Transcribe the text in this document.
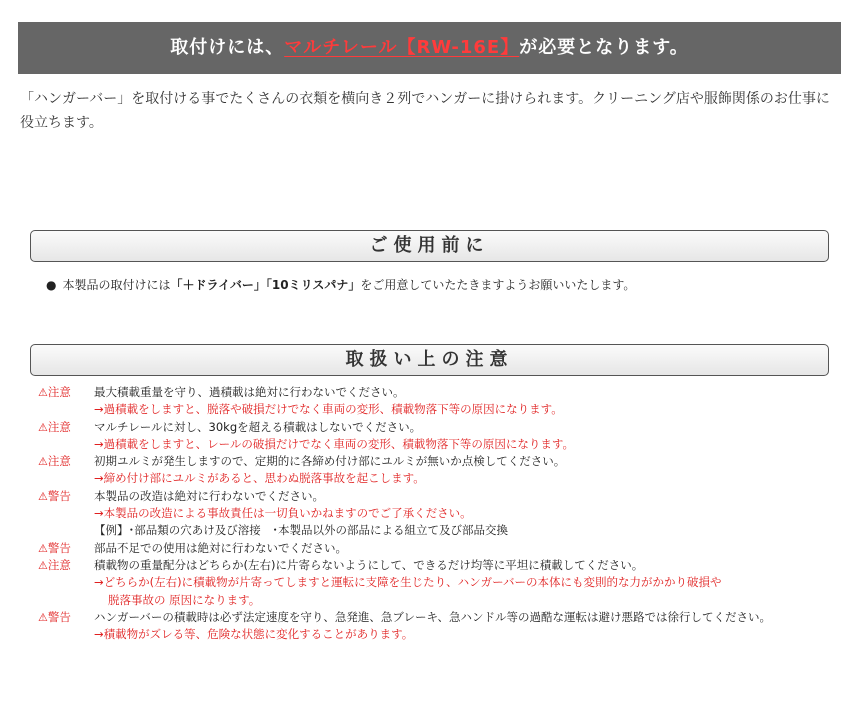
取付けには、マルチレール【RW-16E】が必要となります。
「ハンガーバー」を取付ける事でたくさんの衣類を横向き２列でハンガーに掛けられます。クリーニング店や服飾関係のお仕事に役立ちます。
ご使用前に
● 本製品の取付けには「＋ドライバー」「10ミリスパナ」をご用意していたたきますようお願いいたします。
取扱い上の注意
⚠注意	最大積載重量を守り、過積載は絶対に行わないでください。
→過積載をしますと、脱落や破損だけでなく車両の変形、積載物落下等の原因になります。
⚠注意	マルチレールに対し、30kgを超える積載はしないでください。
→過積載をしますと、レールの破損だけでなく車両の変形、積載物落下等の原因になります。
⚠注意	初期ユルミが発生しますので、定期的に各締め付け部にユルミが無いか点検してください。
→締め付け部にユルミがあると、思わぬ脱落事故を起こします。
⚠警告	本製品の改造は絶対に行わないでください。
→本製品の改造による事故責任は一切負いかねますのでご了承ください。
【例】･部品類の穴あけ及び溶接　･本製品以外の部品による組立て及び部品交換
⚠警告	部品不足での使用は絶対に行わないでください。
⚠注意	積載物の重量配分はどちらか(左右)に片寄らないようにして、できるだけ均等に平坦に積載してください。
→どちらか(左右)に積載物が片寄ってしますと運転に支障を生じたり、ハンガーバーの本体にも変則的な力がかかり破損や
脱落事故の 原因になります。
⚠警告	ハンガーバーの積載時は必ず法定速度を守り、急発進、急ブレーキ、急ハンドル等の過酷な運転は避け悪路では徐行してください。
→積載物がズレる等、危険な状態に変化することがあります。
